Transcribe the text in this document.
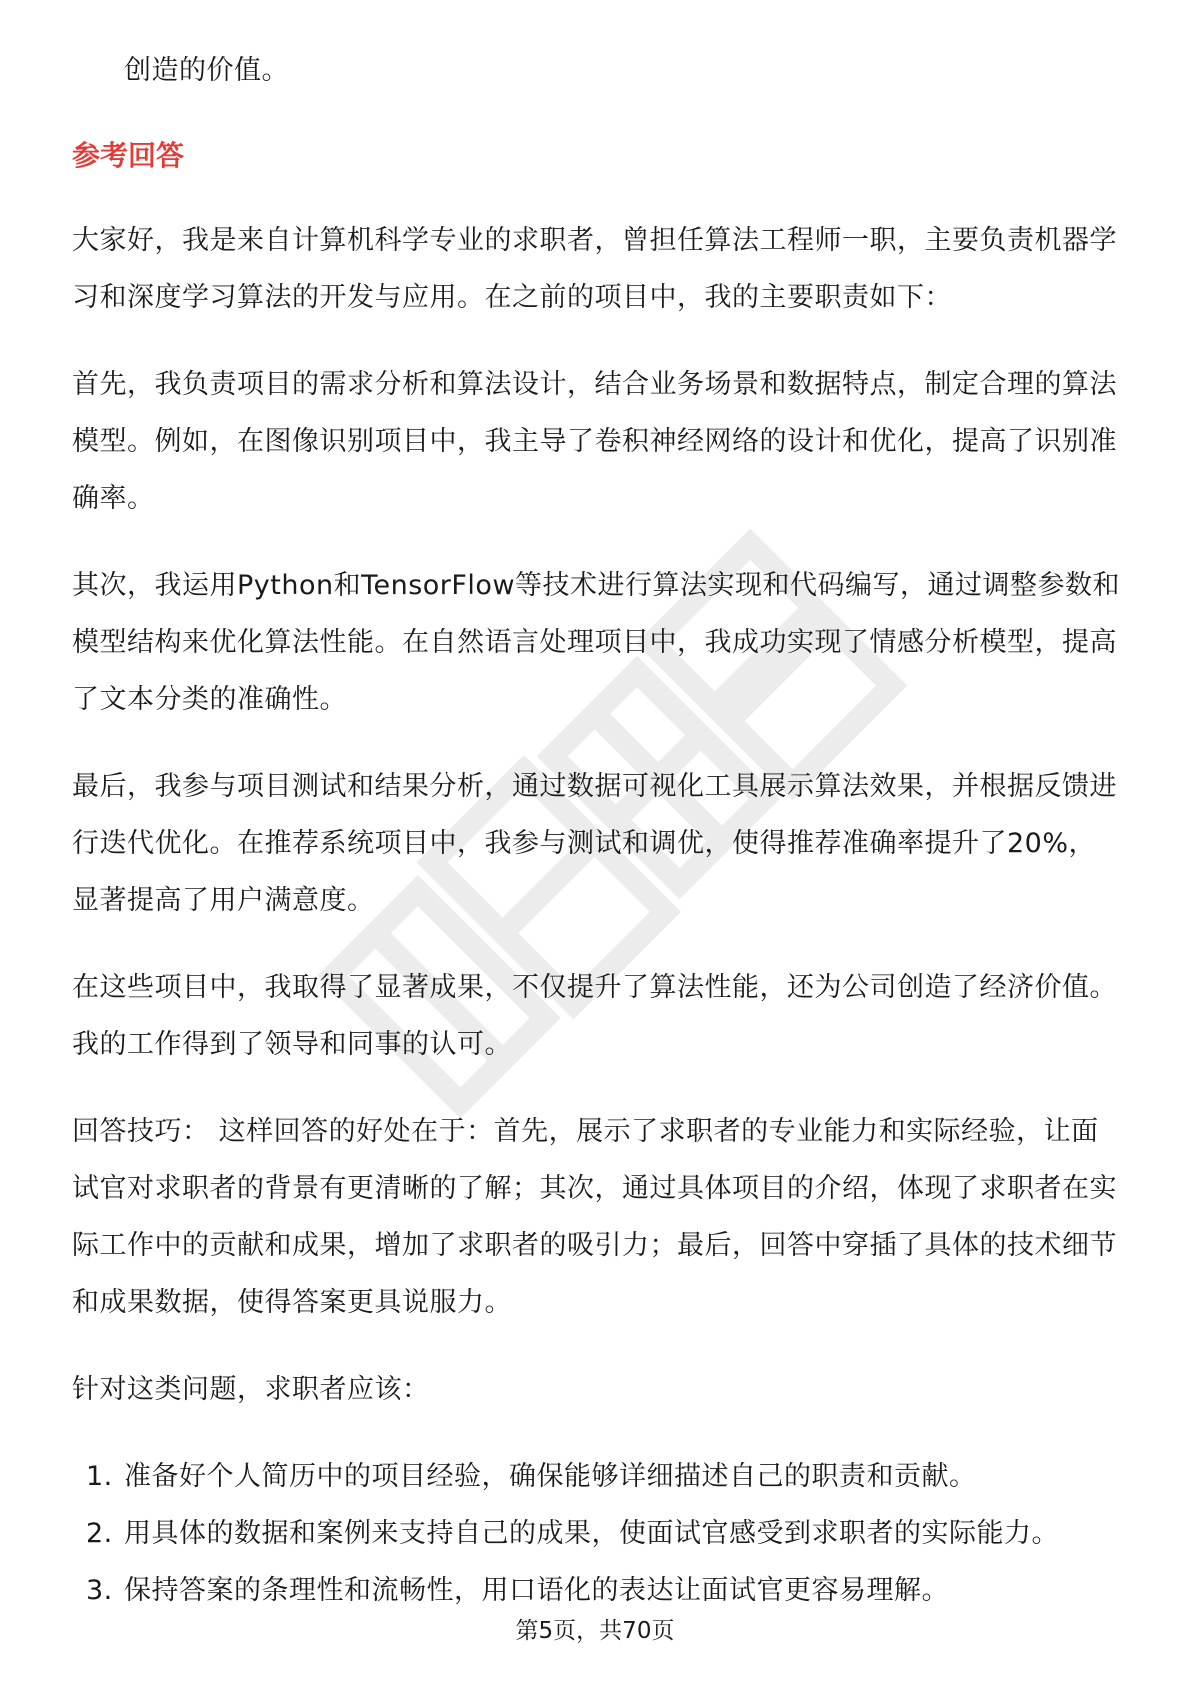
职场资料中心

创造的价值。

参考回答

大家好，我是来自计算机科学专业的求职者，曾担任算法工程师一职，主要负责机器学习和深度学习算法的开发与应用。在之前的项目中，我的主要职责如下：

首先，我负责项目的需求分析和算法设计，结合业务场景和数据特点，制定合理的算法模型。例如，在图像识别项目中，我主导了卷积神经网络的设计和优化，提高了识别准确率。

其次，我运用Python和TensorFlow等技术进行算法实现和代码编写，通过调整参数和模型结构来优化算法性能。在自然语言处理项目中，我成功实现了情感分析模型，提高了文本分类的准确性。

最后，我参与项目测试和结果分析，通过数据可视化工具展示算法效果，并根据反馈进行迭代优化。在推荐系统项目中，我参与测试和调优，使得推荐准确率提升了20%，显著提高了用户满意度。

在这些项目中，我取得了显著成果，不仅提升了算法性能，还为公司创造了经济价值。我的工作得到了领导和同事的认可。

回答技巧： 这样回答的好处在于：首先，展示了求职者的专业能力和实际经验，让面试官对求职者的背景有更清晰的了解；其次，通过具体项目的介绍，体现了求职者在实际工作中的贡献和成果，增加了求职者的吸引力；最后，回答中穿插了具体的技术细节和成果数据，使得答案更具说服力。

针对这类问题，求职者应该：

1. 准备好个人简历中的项目经验，确保能够详细描述自己的职责和贡献。
2. 用具体的数据和案例来支持自己的成果，使面试官感受到求职者的实际能力。
3. 保持答案的条理性和流畅性，用口语化的表达让面试官更容易理解。
第5页，共70页
